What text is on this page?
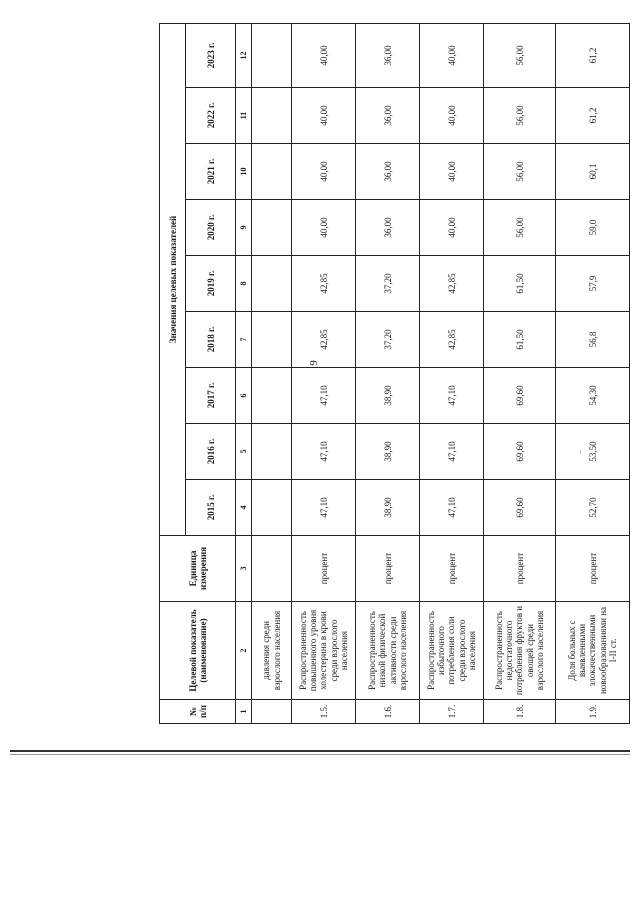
9
№ п/п	Целевой показатель (наименование)	Единица измерения	Значения целевых показателей								
			2015 г.	2016 г.	2017 г.	2018 г.	2019 г.	2020 г.	2021 г.	2022 г.	2023 г.
1	2	3	4	5	6	7	8	9	10	11	12
	давления среди взрослого населения										
1.5.	Распространенность повышенного уровня холестерина в крови среди взрослого населения	процент	47,10	47,10	47,10	42,85	42,85	40,00	40,00	40,00	40,00
1.6.	Распространенность низкой физической активности среди взрослого населения	процент	38,90	38,90	38,90	37,20	37,20	36,00	36,00	36,00	36,00
1.7.	Распространенность избыточного потребления соли среди взрослого населения	процент	47,10	47,10	47,10	42,85	42,85	40,00	40,00	40,00	40,00
1.8.	Распространенность недостаточного потребления фруктов и овощей среди взрослого населения	процент	69,60	69,60	69,60	61,50	61,50	56,00	56,00	56,00	56,00
1.9.	Доля больных с выявленными злокачественными новообразованиями на I-II ст.	процент	52,70	53,50	54,30	56,8	57,9	59,0	60,1	61,2	61,2
